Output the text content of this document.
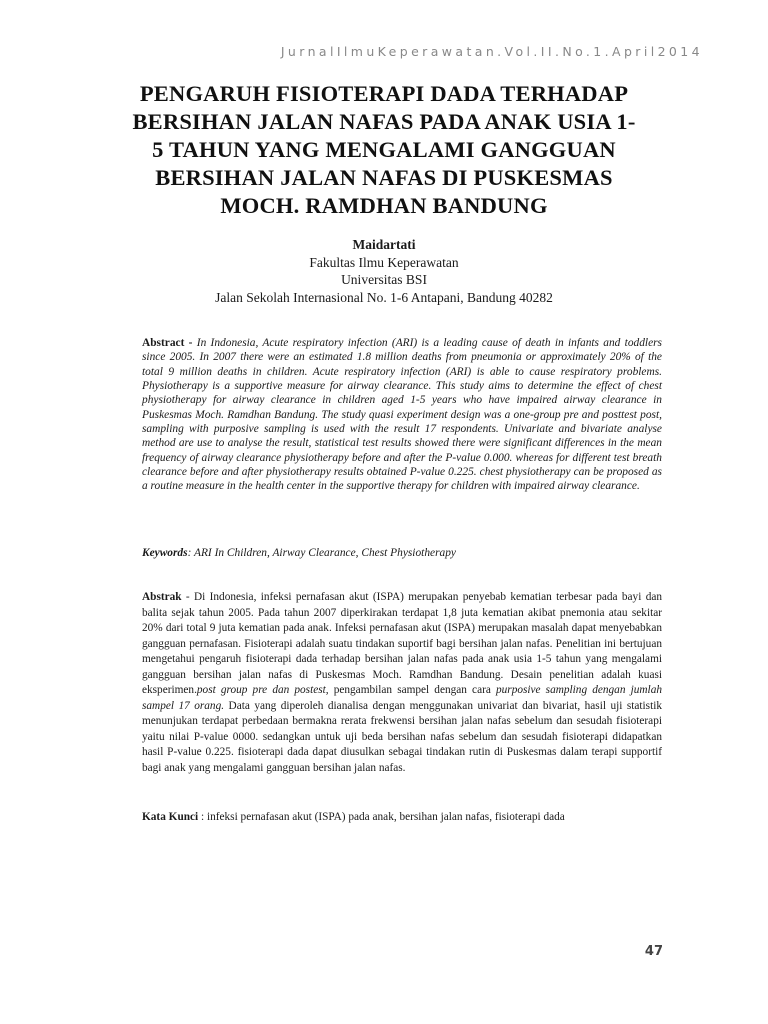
JurnalIlmuKeperawatan.Vol.II.No.1.April2014
PENGARUH FISIOTERAPI DADA TERHADAP
BERSIHAN JALAN NAFAS PADA ANAK USIA 1-
5 TAHUN YANG MENGALAMI GANGGUAN
BERSIHAN JALAN NAFAS DI PUSKESMAS
MOCH. RAMDHAN BANDUNG
Maidartati
Fakultas Ilmu Keperawatan
Universitas BSI
Jalan Sekolah Internasional No. 1-6 Antapani, Bandung 40282
Abstract - In Indonesia, Acute respiratory infection (ARI) is a leading cause of death in infants and toddlers since 2005. In 2007 there were an estimated 1.8 million deaths from pneumonia or approximately 20% of the total 9 million deaths in children. Acute respiratory infection (ARI) is able to cause respiratory problems. Physiotherapy is a supportive measure for airway clearance. This study aims to determine the effect of chest physiotherapy for airway clearance in children aged 1-5 years who have impaired airway clearance in Puskesmas Moch. Ramdhan Bandung. The study quasi experiment design was a one-group pre and posttest post, sampling with purposive sampling is used with the result 17 respondents. Univariate and bivariate analyse method are use to analyse the result, statistical test results showed there were significant differences in the mean frequency of airway clearance physiotherapy before and after the P-value 0.000. whereas for different test breath clearance before and after physiotherapy results obtained P-value 0.225. chest physiotherapy can be proposed as a routine measure in the health center in the supportive therapy for children with impaired airway clearance.
Keywords: ARI In Children, Airway Clearance, Chest Physiotherapy
Abstrak - Di Indonesia, infeksi pernafasan akut (ISPA) merupakan penyebab kematian terbesar pada bayi dan balita sejak tahun 2005. Pada tahun 2007 diperkirakan terdapat 1,8 juta kematian akibat pnemonia atau sekitar 20% dari total 9 juta kematian pada anak. Infeksi pernafasan akut (ISPA) merupakan masalah dapat menyebabkan gangguan pernafasan. Fisioterapi adalah suatu tindakan suportif bagi bersihan jalan nafas. Penelitian ini bertujuan mengetahui pengaruh fisioterapi dada terhadap bersihan jalan nafas pada anak usia 1-5 tahun yang mengalami gangguan bersihan jalan nafas di Puskesmas Moch. Ramdhan Bandung. Desain penelitian adalah kuasi eksperimen.post group pre dan postest, pengambilan sampel dengan cara purposive sampling dengan jumlah sampel 17 orang. Data yang diperoleh dianalisa dengan menggunakan univariat dan bivariat, hasil uji statistik menunjukan terdapat perbedaan bermakna rerata frekwensi bersihan jalan nafas sebelum dan sesudah fisioterapi yaitu nilai P-value 0000. sedangkan untuk uji beda bersihan nafas sebelum dan sesudah fisioterapi didapatkan hasil P-value 0.225. fisioterapi dada dapat diusulkan sebagai tindakan rutin di Puskesmas dalam terapi supportif bagi anak yang mengalami gangguan bersihan jalan nafas.
Kata Kunci : infeksi pernafasan akut (ISPA) pada anak, bersihan jalan nafas, fisioterapi dada
47
